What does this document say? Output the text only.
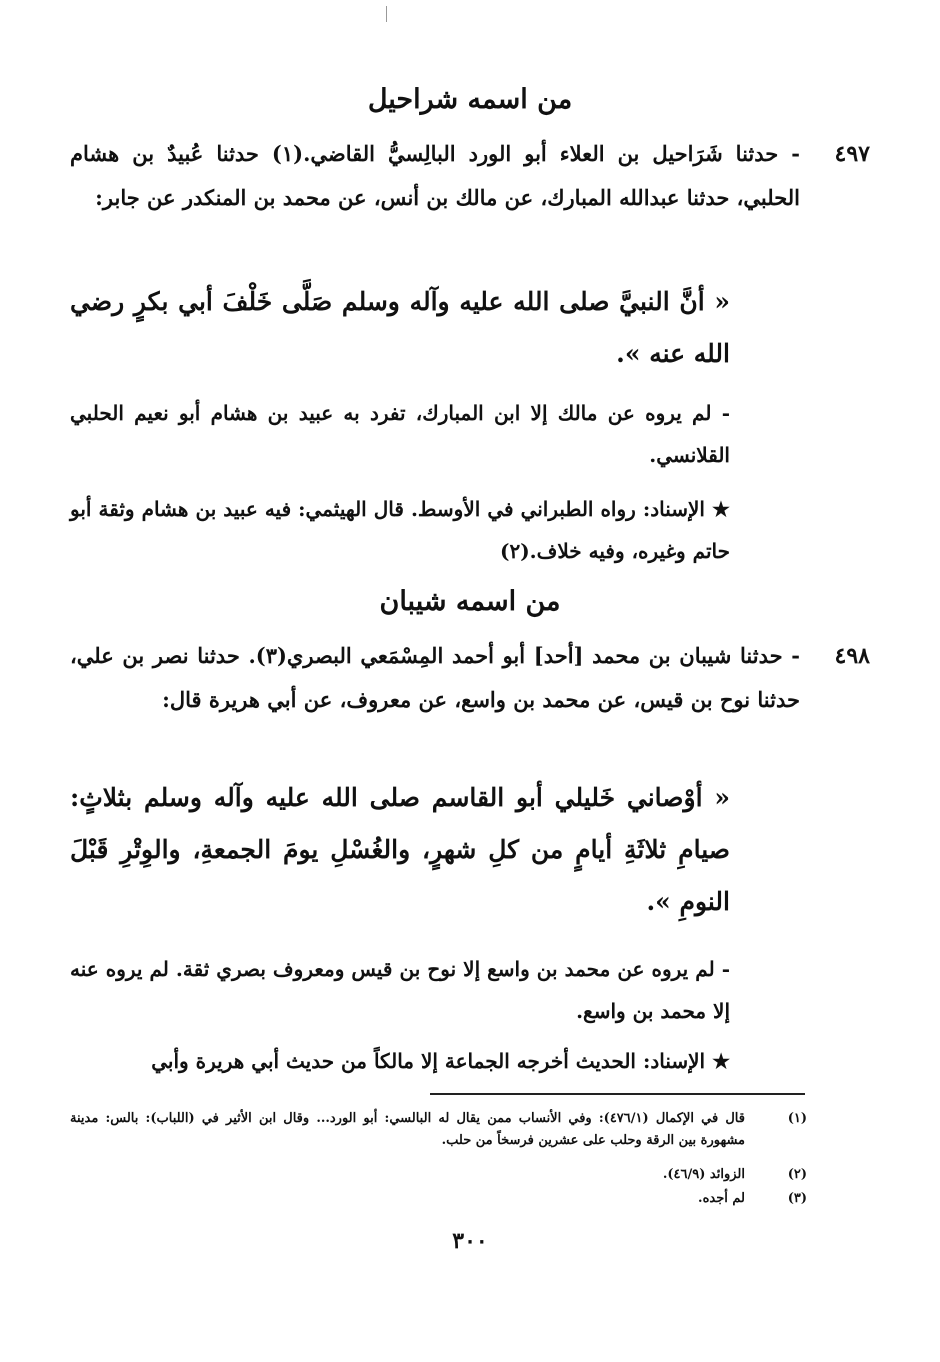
من اسمه شراحيل
٤٩٧
- حدثنا شَرَاحيل بن العلاء أبو الورد البالِسيُّ القاضي.(١) حدثنا عُبيدٌ بن هشام الحلبي، حدثنا عبدالله المبارك، عن مالك بن أنس، عن محمد بن المنكدر عن جابر:
« أنَّ النبيَّ صلى الله عليه وآله وسلم صَلَّى خَلْفَ أبي بكرٍ رضي الله عنه ».
- لم يروه عن مالك إلا ابن المبارك، تفرد به عبيد بن هشام أبو نعيم الحلبي القلانسي.
★ الإسناد: رواه الطبراني في الأوسط. قال الهيثمي: فيه عبيد بن هشام وثقة أبو حاتم وغيره، وفيه خلاف.(٢)
من اسمه شيبان
٤٩٨
- حدثنا شيبان بن محمد [أحد] أبو أحمد المِسْمَعي البصري(٣). حدثنا نصر بن علي، حدثنا نوح بن قيس، عن محمد بن واسع، عن معروف، عن أبي هريرة قال:
« أوْصاني خَليلي أبو القاسم صلى الله عليه وآله وسلم بثلاثٍ: صيامِ ثلاثَةِ أيامٍ من كلِ شهرٍ، والغُسْلِ يومَ الجمعةِ، والوِتْرِ قَبْلَ النومِ ».
- لم يروه عن محمد بن واسع إلا نوح بن قيس ومعروف بصري ثقة. لم يروه عنه إلا محمد بن واسع.
★ الإسناد: الحديث أخرجه الجماعة إلا مالكاً من حديث أبي هريرة وأبي
(١)
قال في الإكمال (٤٧٦/١): وفي الأنساب ممن يقال له البالسي: أبو الورد... وقال ابن الأثير في (اللباب): بالس: مدينة مشهورة بين الرقة وحلب على عشرين فرسخاً من حلب.
(٢)
الزوائد (٤٦/٩).
(٣)
لم أجده.
٣٠٠
